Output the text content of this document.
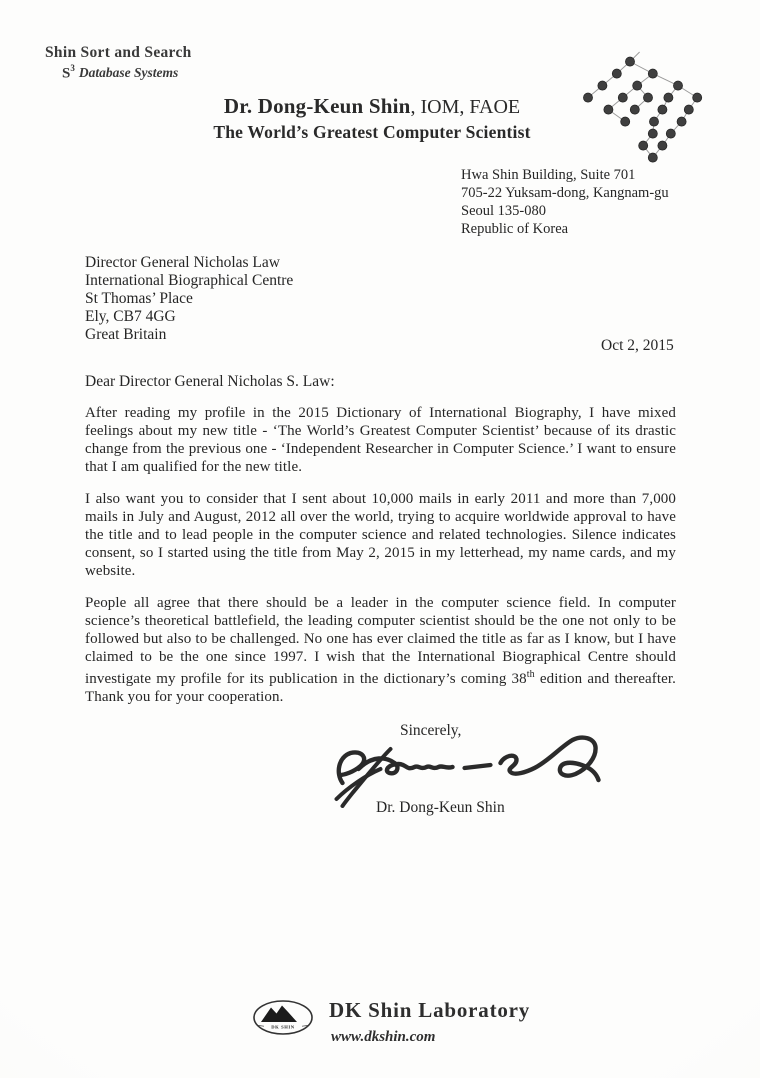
Shin Sort and Search
$S^3$ Database Systems
Dr. Dong-Keun Shin, IOM, FAOE
The World’s Greatest Computer Scientist
Hwa Shin Building, Suite 701
705-22 Yuksam-dong, Kangnam-gu
Seoul 135-080
Republic of Korea
Director General Nicholas Law
International Biographical Centre
St Thomas’ Place
Ely, CB7 4GG
Great Britain
Oct 2, 2015
Dear Director General Nicholas S. Law:

After reading my profile in the 2015 Dictionary of International Biography, I have mixed feelings about my new title - ‘The World’s Greatest Computer Scientist’ because of its drastic change from the previous one - ‘Independent Researcher in Computer Science.’ I want to ensure that I am qualified for the new title.

I also want you to consider that I sent about 10,000 mails in early 2011 and more than 7,000 mails in July and August, 2012 all over the world, trying to acquire worldwide approval to have the title and to lead people in the computer science and related technologies. Silence indicates consent, so I started using the title from May 2, 2015 in my letterhead, my name cards, and my website.

People all agree that there should be a leader in the computer science field. In computer science’s theoretical battlefield, the leading computer scientist should be the one not only to be followed but also to be challenged. No one has ever claimed the title as far as I know, but I have claimed to be the one since 1997. I wish that the International Biographical Centre should investigate my profile for its publication in the dictionary’s coming 38th edition and thereafter. Thank you for your cooperation.

Sincerely,
Dr. Dong-Keun Shin
DK SHIN
DK Shin Laboratory
www.dkshin.com
